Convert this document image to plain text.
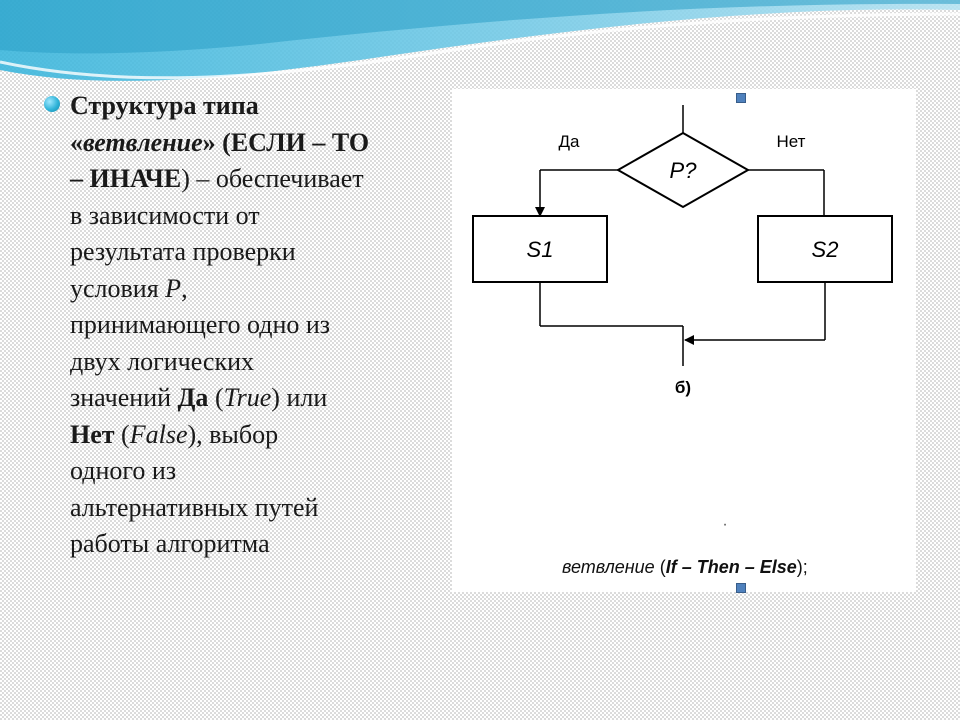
Структура типа
«ветвление» (ЕСЛИ – ТО
– ИНАЧЕ) – обеспечивает
в зависимости от
результата проверки
условия P,
принимающего одно из
двух логических
значений Да (True) или
Нет (False), выбор
одного из
альтернативных путей
работы алгоритма
P?
Да	Нет
S1	S2
б)
·
ветвление (If – Then – Else);
